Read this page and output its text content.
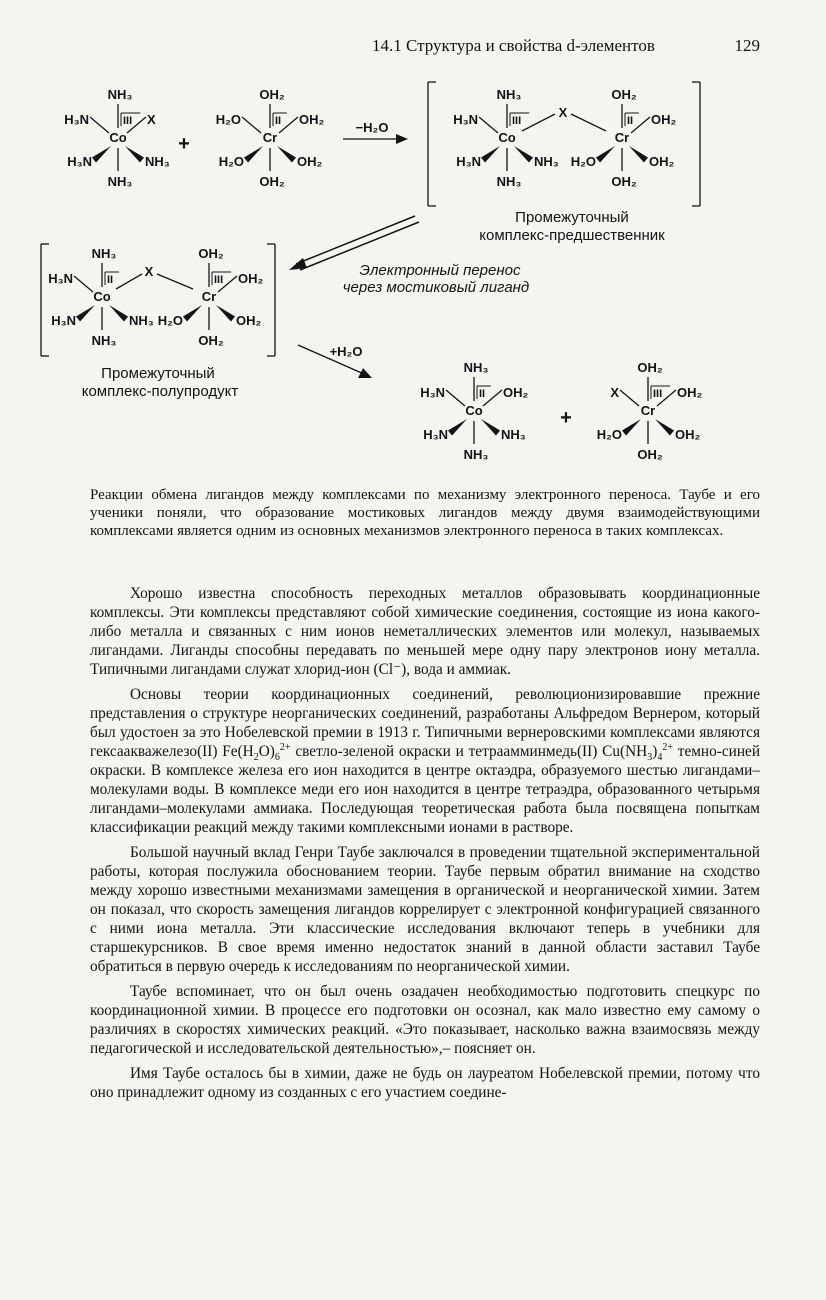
14.1 Структура и свойства d-элементов	129
Co
NH₃
NH₃
III
H₃N	X
H₃N	NH₃
+	Cr
OH₂
OH₂
II
H₂O	OH₂
H₂O	OH₂
−H₂O
Co
NH₃
NH₃
III
H₃N
H₃N	NH₃
X
Cr
OH₂
OH₂
II OH₂
H₂O	OH₂
Промежуточный
комплекс-предшественник
Электронный перенос
через мостиковый лиганд
Co
NH₃
NH₃
II
H₃N
H₃N	NH₃
X
Cr
OH₂
OH₂
III OH₂
H₂O	OH₂
Промежуточный
комплекс-полупродукт
+H₂O
Co
NH₃
NH₃
II
H₃N	OH₂
H₃N	NH₃
+	Cr
OH₂
OH₂
III
X	OH₂
H₂O	OH₂
Реакции обмена лигандов между комплексами по механизму электронного переноса. Таубе и его ученики поняли, что образование мостиковых лигандов между двумя взаимодействующими комплексами является одним из основных механизмов электронного переноса в таких комплексах.

Хорошо известна способность переходных металлов образовывать координационные комплексы. Эти комплексы представляют собой химические соединения, состоящие из иона какого-либо металла и связанных с ним ионов неметаллических элементов или молекул, называемых лигандами. Лиганды способны передавать по меньшей мере одну пару электронов иону металла. Типичными лигандами служат хлорид-ион (Cl⁻), вода и аммиак.

Основы теории координационных соединений, революционизировавшие прежние представления о структуре неорганических соединений, разработаны Альфредом Вернером, который был удостоен за это Нобелевской премии в 1913 г. Типичными вернеровскими комплексами являются гексаакважелезо(II) $Fe(H_2O)_6^{2+}$ светло-зеленой окраски и тетраамминмедь(II) $Cu(NH_3)_4^{2+}$ темно-синей окраски. В комплексе железа его ион находится в центре октаэдра, образуемого шестью лигандами–молекулами воды. В комплексе меди его ион находится в центре тетраэдра, образованного четырьмя лигандами–молекулами аммиака. Последующая теоретическая работа была посвящена попыткам классификации реакций между такими комплексными ионами в растворе.

Большой научный вклад Генри Таубе заключался в проведении тщательной экспериментальной работы, которая послужила обоснованием теории. Таубе первым обратил внимание на сходство между хорошо известными механизмами замещения в органической и неорганической химии. Затем он показал, что скорость замещения лигандов коррелирует с электронной конфигурацией связанного с ними иона металла. Эти классические исследования включают теперь в учебники для старшекурсников. В свое время именно недостаток знаний в данной области заставил Таубе обратиться в первую очередь к исследованиям по неорганической химии.

Таубе вспоминает, что он был очень озадачен необходимостью подготовить спецкурс по координационной химии. В процессе его подготовки он осознал, как мало известно ему самому о различиях в скоростях химических реакций. «Это показывает, насколько важна взаимосвязь между педагогической и исследовательской деятельностью»,– поясняет он.

Имя Таубе осталось бы в химии, даже не будь он лауреатом Нобелевской премии, потому что оно принадлежит одному из созданных с его участием соедине-
